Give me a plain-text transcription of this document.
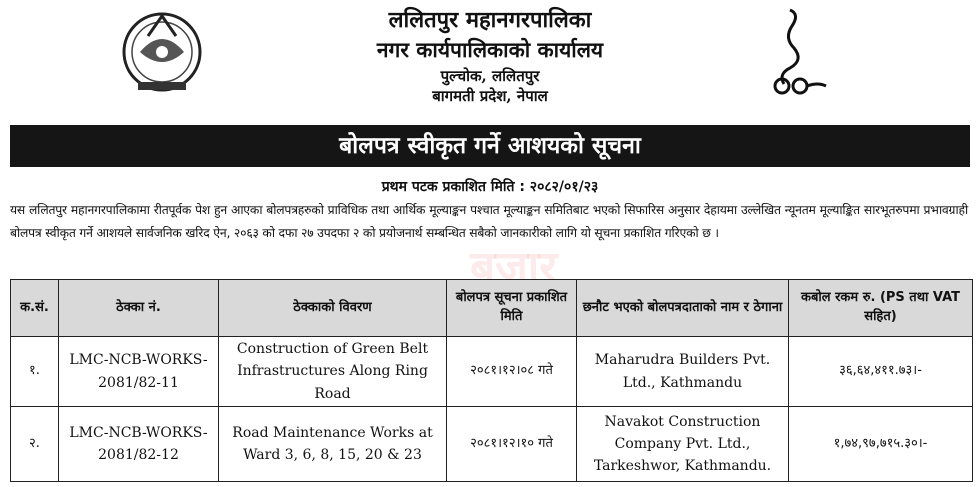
ललितपुर महानगरपालिका
नगर कार्यपालिकाको कार्यालय
पुल्चोक, ललितपुर
बागमती प्रदेश, नेपाल
बोलपत्र स्वीकृत गर्ने आशयको सूचना
प्रथम पटक प्रकाशित मिति : २०८२/०१/२३
यस ललितपुर महानगरपालिकामा रीतपूर्वक पेश हुन आएका बोलपत्रहरुको प्राविधिक तथा आर्थिक मूल्याङ्कन पश्चात मूल्याङ्कन समितिबाट भएको सिफारिस अनुसार देहायमा उल्लेखित न्यूनतम मूल्याङ्कित सारभूतरुपमा प्रभावग्राही बोलपत्र स्वीकृत गर्ने आशयले सार्वजनिक खरिद ऐन, २०६३ को दफा २७ उपदफा २ को प्रयोजनार्थ सम्बन्धित सबैको जानकारीको लागि यो सूचना प्रकाशित गरिएको छ ।
बजार
क.सं.	ठेक्का नं.	ठेक्काको विवरण	बोलपत्र सूचना प्रकाशित मिति	छनौट भएको बोलपत्रदाताको नाम र ठेगाना	कबोल रकम रु. (PS तथा VAT सहित)
१.	LMC-NCB-WORKS-2081/82-11	Construction of Green Belt Infrastructures Along Ring Road	२०८१।१२।०८ गते	Maharudra Builders Pvt. Ltd., Kathmandu	३६,६४,४११.७३।-
२.	LMC-NCB-WORKS-2081/82-12	Road Maintenance Works at Ward 3, 6, 8, 15, 20 & 23	२०८१।१२।१० गते	Navakot Construction Company Pvt. Ltd., Tarkeshwor, Kathmandu.	१,७४,९७,७१५.३०।-
